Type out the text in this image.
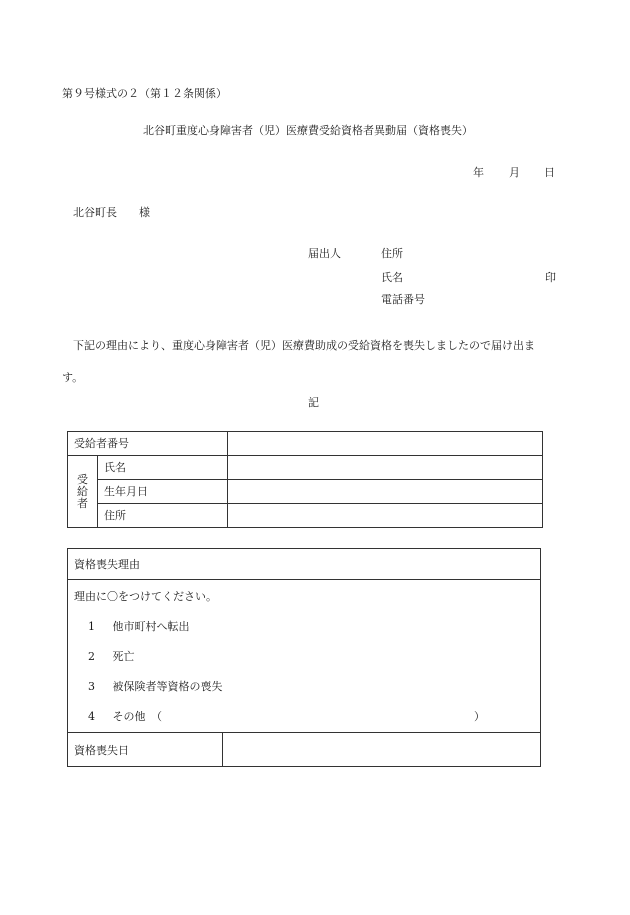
第９号様式の２（第１２条関係）
北谷町重度心身障害者（児）医療費受給資格者異動届（資格喪失）
年 月 日
北谷町長　　様
届出人	住所
氏名	印
電話番号
下記の理由により、重度心身障害者（児）医療費助成の受給資格を喪失しましたので届け出ま
す。
記
受給者番号		

受
給
者	氏名	
	生年月日	
	住所	
資格喪失理由
理由に〇をつけてください。
1 他市町村へ転出
2 死亡
3 被保険者等資格の喪失
4 その他　（	）
資格喪失日
